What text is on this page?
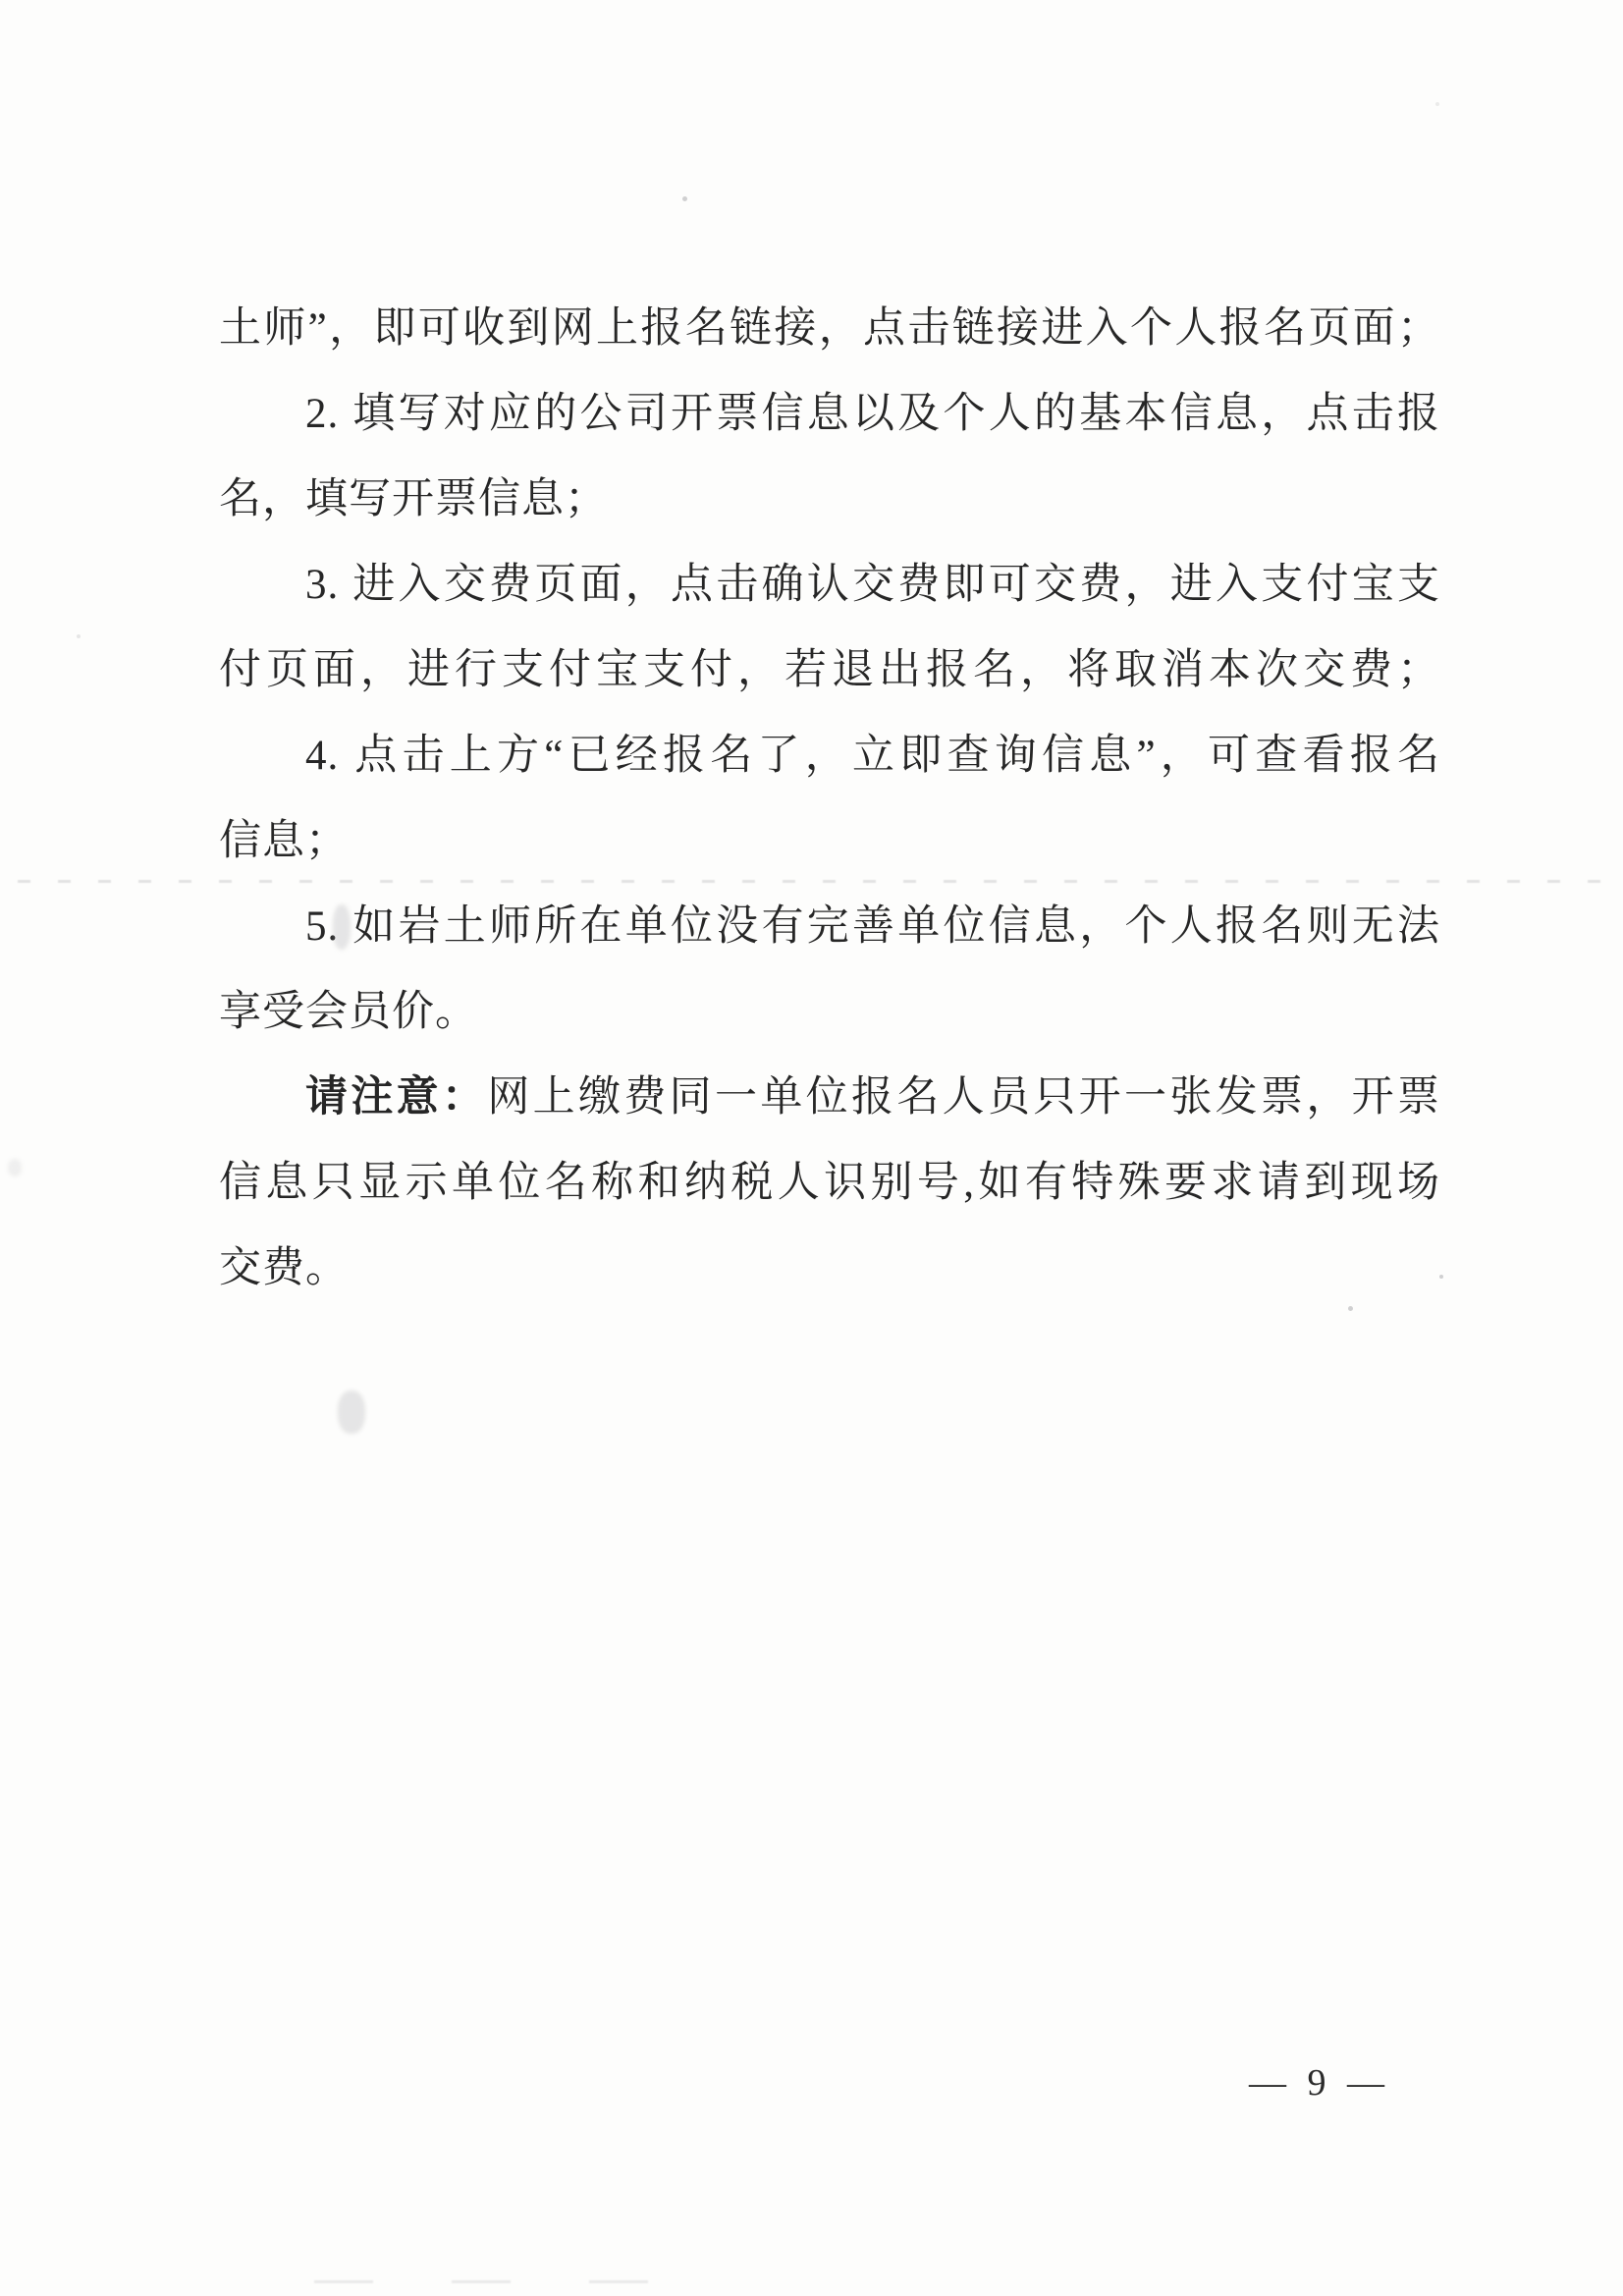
土师”，即可收到网上报名链接，点击链接进入个人报名页面；

2. 填写对应的公司开票信息以及个人的基本信息，点击报

名，填写开票信息；

3. 进入交费页面，点击确认交费即可交费，进入支付宝支

付页面，进行支付宝支付，若退出报名，将取消本次交费；

4. 点击上方“已经报名了，立即查询信息”，可查看报名

信息；

5. 如岩土师所在单位没有完善单位信息，个人报名则无法

享受会员价。

请注意：网上缴费同一单位报名人员只开一张发票，开票

信息只显示单位名称和纳税人识别号,如有特殊要求请到现场

交费。

— 9 —
